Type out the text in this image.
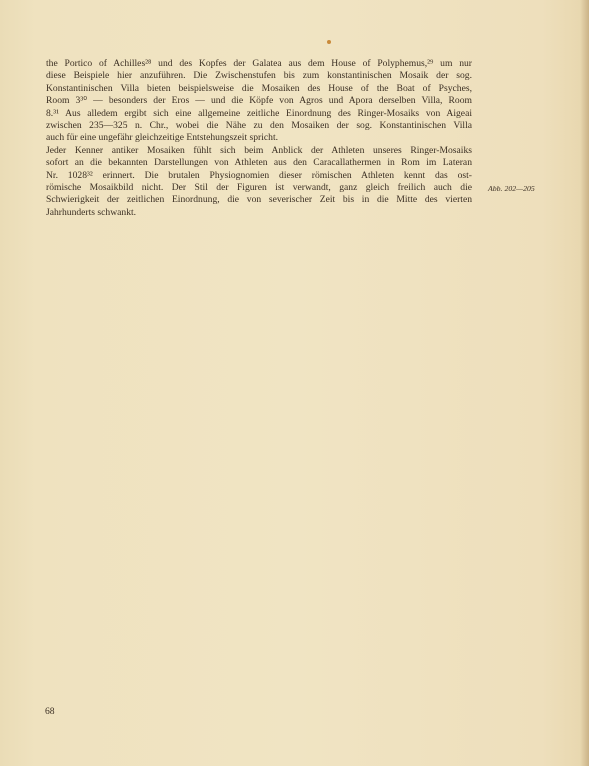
the Portico of Achilles²⁸ und des Kopfes der Galatea aus dem House of Polyphemus,²⁹ um nur
diese Beispiele hier anzuführen. Die Zwischenstufen bis zum konstantinischen Mosaik der sog.
Konstantinischen Villa bieten beispielsweise die Mosaiken des House of the Boat of Psyches,
Room 3³⁰ — besonders der Eros — und die Köpfe von Agros und Apora derselben Villa, Room
8.³¹ Aus alledem ergibt sich eine allgemeine zeitliche Einordnung des Ringer-Mosaiks von Aigeai
zwischen 235—325 n. Chr., wobei die Nähe zu den Mosaiken der sog. Konstantinischen Villa
auch für eine ungefähr gleichzeitige Entstehungszeit spricht.
Jeder Kenner antiker Mosaiken fühlt sich beim Anblick der Athleten unseres Ringer-Mosaiks
sofort an die bekannten Darstellungen von Athleten aus den Caracallathermen in Rom im Lateran
Nr. 1028³² erinnert. Die brutalen Physiognomien dieser römischen Athleten kennt das ost-
römische Mosaikbild nicht. Der Stil der Figuren ist verwandt, ganz gleich freilich auch die
Schwierigkeit der zeitlichen Einordnung, die von severischer Zeit bis in die Mitte des vierten
Jahrhunderts schwankt.
Abb. 202—205
68
